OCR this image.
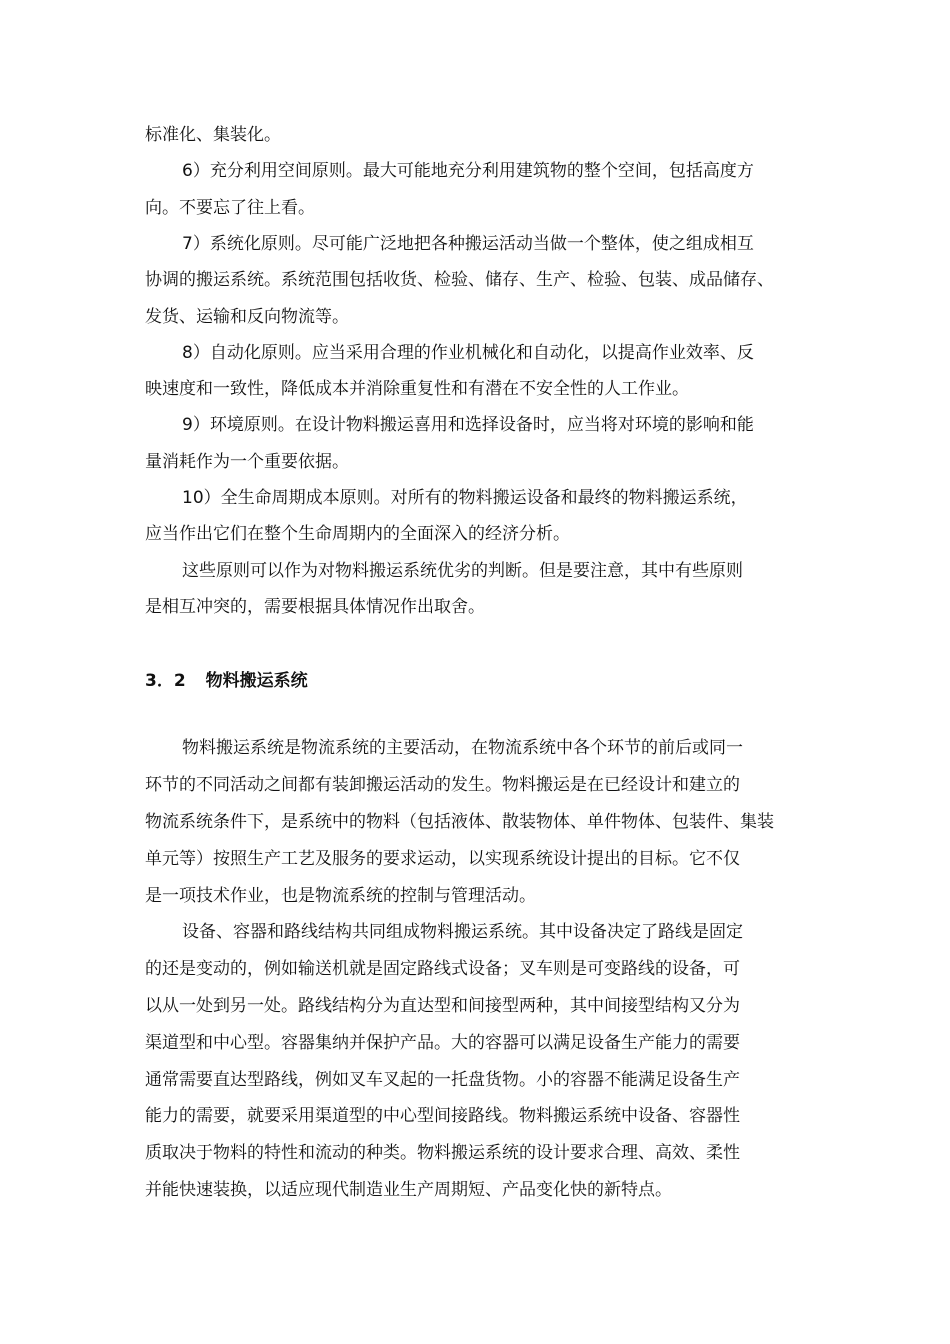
标准化、集装化。
6）充分利用空间原则。最大可能地充分利用建筑物的整个空间，包括高度方
向。不要忘了往上看。
7）系统化原则。尽可能广泛地把各种搬运活动当做一个整体，使之组成相互
协调的搬运系统。系统范围包括收货、检验、储存、生产、检验、包装、成品储存、
发货、运输和反向物流等。
8）自动化原则。应当采用合理的作业机械化和自动化，以提高作业效率、反
映速度和一致性，降低成本并消除重复性和有潜在不安全性的人工作业。
9）环境原则。在设计物料搬运喜用和选择设备时，应当将对环境的影响和能
量消耗作为一个重要依据。
10）全生命周期成本原则。对所有的物料搬运设备和最终的物料搬运系统，
应当作出它们在整个生命周期内的全面深入的经济分析。
这些原则可以作为对物料搬运系统优劣的判断。但是要注意，其中有些原则
是相互冲突的，需要根据具体情况作出取舍。
3．2 物料搬运系统
物料搬运系统是物流系统的主要活动，在物流系统中各个环节的前后或同一
环节的不同活动之间都有装卸搬运活动的发生。物料搬运是在已经设计和建立的
物流系统条件下，是系统中的物料（包括液体、散装物体、单件物体、包装件、集装
单元等）按照生产工艺及服务的要求运动，以实现系统设计提出的目标。它不仅
是一项技术作业，也是物流系统的控制与管理活动。
设备、容器和路线结构共同组成物料搬运系统。其中设备决定了路线是固定
的还是变动的，例如输送机就是固定路线式设备；叉车则是可变路线的设备，可
以从一处到另一处。路线结构分为直达型和间接型两种，其中间接型结构又分为
渠道型和中心型。容器集纳并保护产品。大的容器可以满足设备生产能力的需要
通常需要直达型路线，例如叉车叉起的一托盘货物。小的容器不能满足设备生产
能力的需要，就要采用渠道型的中心型间接路线。物料搬运系统中设备、容器性
质取决于物料的特性和流动的种类。物料搬运系统的设计要求合理、高效、柔性
并能快速装换，以适应现代制造业生产周期短、产品变化快的新特点。
